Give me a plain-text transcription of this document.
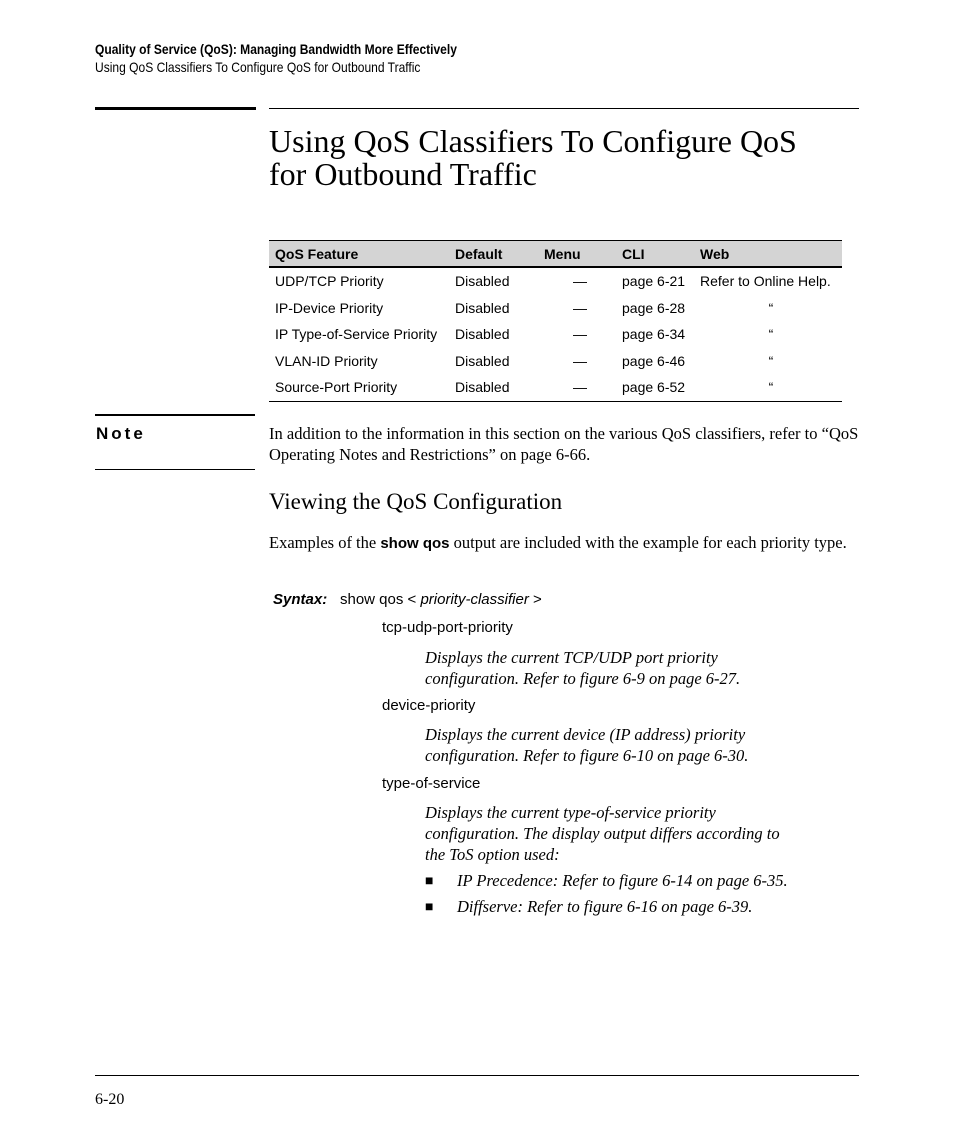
Quality of Service (QoS): Managing Bandwidth More Effectively
Using QoS Classifiers To Configure QoS for Outbound Traffic
Using QoS Classifiers To Configure QoS
for Outbound Traffic
QoS Feature	Default	Menu	CLI	Web
UDP/TCP Priority	Disabled	—	page 6-21	Refer to Online Help.
IP-Device Priority	Disabled	—	page 6-28	“
IP Type-of-Service Priority	Disabled	—	page 6-34	“
VLAN-ID Priority	Disabled	—	page 6-46	“
Source-Port Priority	Disabled	—	page 6-52	“
Note	In addition to the information in this section on the various QoS classifiers, refer to “QoS Operating Notes and Restrictions” on page 6-66.
Viewing the QoS Configuration
Examples of the show qos output are included with the example for each priority type.
Syntax: show qos < priority-classifier >
tcp-udp-port-priority
Displays the current TCP/UDP port priority
configuration. Refer to figure 6-9 on page 6-27.
device-priority
Displays the current device (IP address) priority
configuration. Refer to figure 6-10 on page 6-30.
type-of-service
Displays the current type-of-service priority
configuration. The display output differs according to
the ToS option used:
■ IP Precedence: Refer to figure 6-14 on page 6-35.
■ Diffserve: Refer to figure 6-16 on page 6-39.
6-20
